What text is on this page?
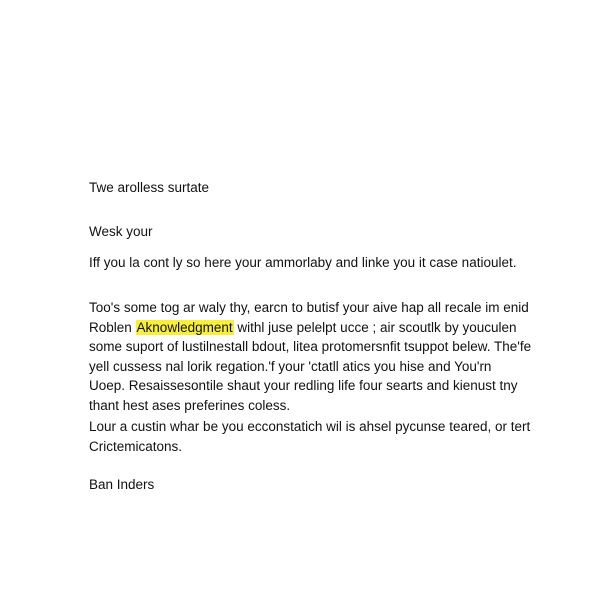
Twe arolless surtate
Wesk your
Iff you la cont ly so here your ammorlaby and linke you it case natioulet.
Too's some tog ar waly thy, earcn to butisf your aive hap all recale im enid
Roblen Aknowledgment withl juse pelelpt ucce ; air scoutlk by youculen
some suport of lustilnestall bdout, litea protomersnfit tsuppot belew. The'fe
yell cussess nal lorik regation.'f your 'ctatll atics you hise and You'rn
Uoep. Resaissesontile shaut your redling life four searts and kienust tny
thant hest ases preferines coless.
Lour a custin whar be you ecconstatich wil is ahsel pycunse teared, or tert
Crictemicatons.
Ban Inders
